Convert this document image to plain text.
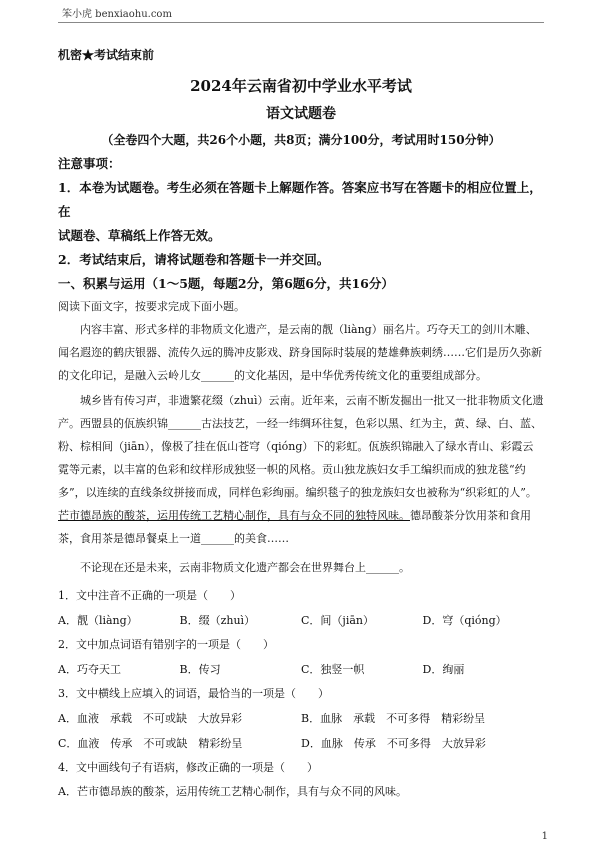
笨小虎 benxiaohu.com
机密★考试结束前
2024年云南省初中学业水平考试
语文试题卷
（全卷四个大题，共26个小题，共8页；满分100分，考试用时150分钟）
注意事项：
1．本卷为试题卷。考生必须在答题卡上解题作答。答案应书写在答题卡的相应位置上，在
试题卷、草稿纸上作答无效。
2．考试结束后，请将试题卷和答题卡一并交回。
一、积累与运用（1～5题，每题2分，第6题6分，共16分）
阅读下面文字，按要求完成下面小题。

内容丰富、形式多样的非物质文化遗产，是云南的靓（liàng）丽名片。巧夺天工的剑川木雕、闻名遐迩的鹤庆银器、流传久远的腾冲皮影戏、跻身国际时装展的楚雄彝族刺绣……它们是历久弥新的文化印记，是融入云岭儿女______的文化基因，是中华优秀传统文化的重要组成部分。

城乡皆有传习声，非遗繁花缀（zhuì）云南。近年来，云南不断发掘出一批又一批非物质文化遗产。西盟县的佤族织锦______古法技艺，一经一纬绸环往复，色彩以黑、红为主，黄、绿、白、蓝、粉、棕相间（jiān），像极了挂在佤山苍穹（qióng）下的彩虹。佤族织锦融入了绿水青山、彩霞云霓等元素，以丰富的色彩和纹样形成独竖一帜的风格。贡山独龙族妇女手工编织而成的独龙毯“约多”，以连续的直线条纹拼接而成，同样色彩绚丽。编织毯子的独龙族妇女也被称为“织彩虹的人”。芒市德昂族的酸茶，运用传统工艺精心制作，具有与众不同的独特风味。德昂酸茶分饮用茶和食用茶，食用茶是德昂餐桌上一道______的美食……

不论现在还是未来，云南非物质文化遗产都会在世界舞台上______。

1．文中注音不正确的一项是（　　）
A．靓（liàng）	B．缀（zhuì）	C．间（jiān）	D．穹（qióng）
2．文中加点词语有错别字的一项是（　　）
A．巧夺天工	B．传习	C．独竖一帜	D．绚丽
3．文中横线上应填入的词语，最恰当的一项是（　　）
A．血液　承载　不可或缺　大放异彩	B．血脉　承载　不可多得　精彩纷呈
C．血液　传承　不可或缺　精彩纷呈	D．血脉　传承　不可多得　大放异彩
4．文中画线句子有语病，修改正确的一项是（　　）
A．芒市德昂族的酸茶，运用传统工艺精心制作，具有与众不同的风味。
1
